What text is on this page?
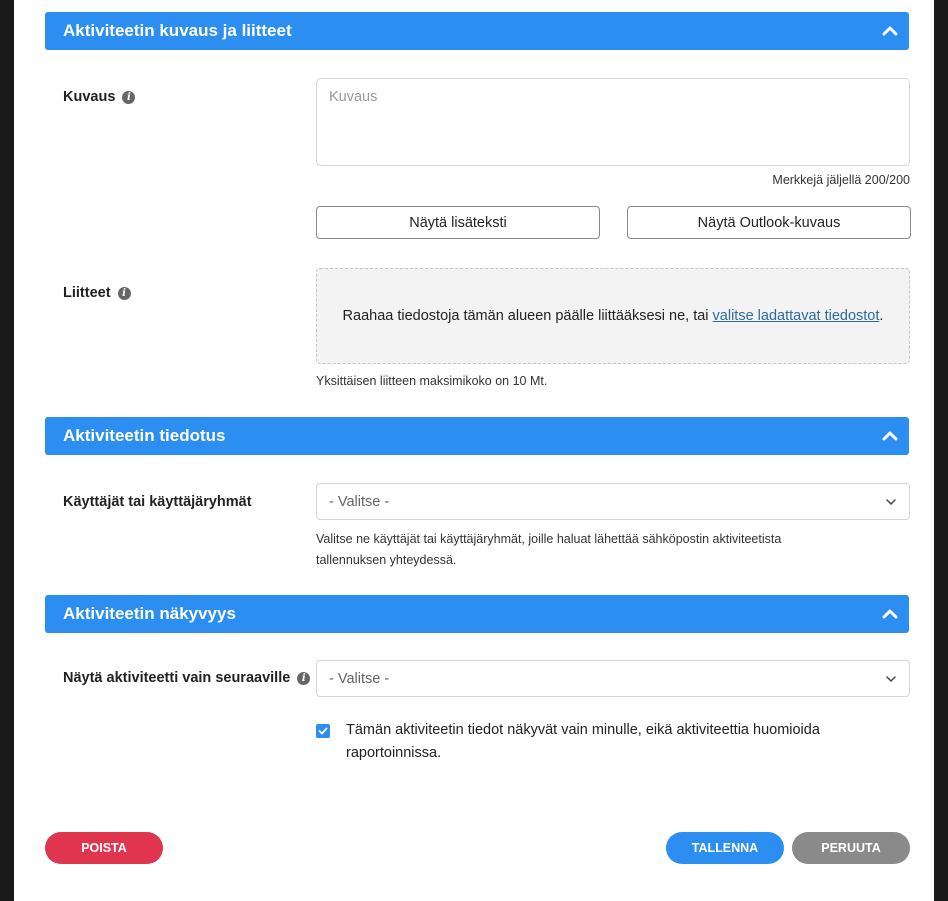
Aktiviteetin kuvaus ja liitteet
Kuvaus	i	Kuvaus
Merkkejä jäljellä 200/200
Näytä lisäteksti	Näytä Outlook-kuvaus
Liitteet	i
Raahaa tiedostoja tämän alueen päälle liittääksesi ne, tai valitse ladattavat tiedostot.
Yksittäisen liitteen maksimikoko on 10 Mt.
Aktiviteetin tiedotus
Käyttäjät tai käyttäjäryhmät	- Valitse -
Valitse ne käyttäjät tai käyttäjäryhmät, joille haluat lähettää sähköpostin aktiviteetista
tallennuksen yhteydessä.
Aktiviteetin näkyvyys
Näytä aktiviteetti vain seuraaville	i	- Valitse -
Tämän aktiviteetin tiedot näkyvät vain minulle, eikä aktiviteettia huomioida
raportoinnissa.
POISTA	TALLENNA	PERUUTA
